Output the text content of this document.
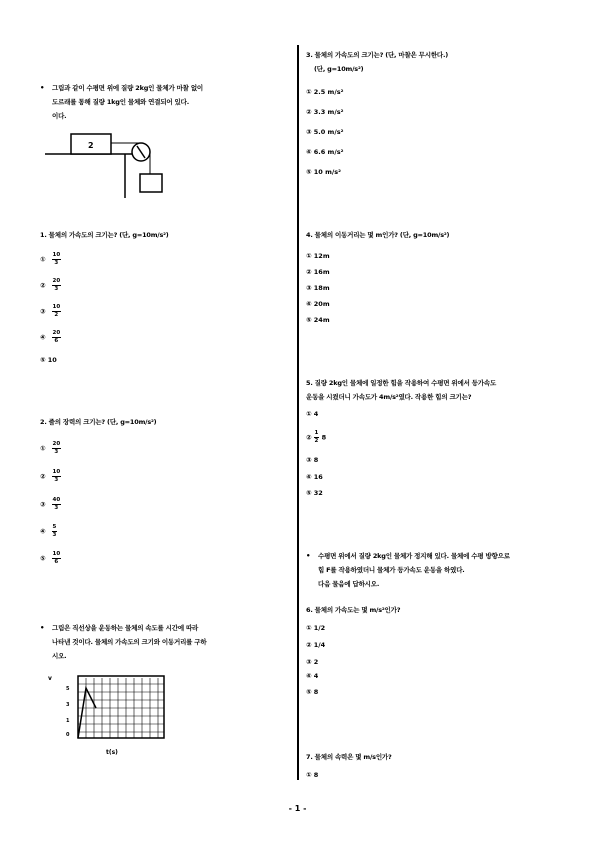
• 그림과 같이 수평면 위에 질량 2kg인 물체가 마찰 없이
도르래를 통해 질량 1kg인 물체와 연결되어 있다.
이다.
2
1. 물체의 가속도의 크기는? (단, g=10m/s²)
① $\frac{10}{3}$
② $\frac{20}{3}$
③ $\frac{10}{2}$
④ $\frac{20}{6}$
⑤ 10
2. 줄의 장력의 크기는? (단, g=10m/s²)
① $\frac{20}{3}$
② $\frac{10}{3}$
③ $\frac{40}{3}$
④ $\frac{5}{3}$
⑤ $\frac{10}{6}$
• 그림은 직선상을 운동하는 물체의 속도를 시간에 따라
나타낸 것이다. 물체의 가속도의 크기와 이동거리를 구하
시오.
v
5
3
1
0
t(s)
3. 물체의 가속도의 크기는? (단, 마찰은 무시한다.)
(단, g=10m/s²)
① 2.5 m/s²
② 3.3 m/s²
③ 5.0 m/s²
④ 6.6 m/s²
⑤ 10 m/s²
4. 물체의 이동거리는 몇 m인가? (단, g=10m/s²)
① 12m
② 16m
③ 18m
④ 20m
⑤ 24m
5. 질량 2kg인 물체에 일정한 힘을 작용하여 수평면 위에서 등가속도
운동을 시켰더니 가속도가 4m/s²였다. 작용한 힘의 크기는?
① 4
② $\frac{1}{2} 8$
③ 8
④ 16
⑤ 32
• 수평면 위에서 질량 2kg인 물체가 정지해 있다. 물체에 수평 방향으로
힘 F를 작용하였더니 물체가 등가속도 운동을 하였다.
다음 물음에 답하시오.
6. 물체의 가속도는 몇 m/s²인가?
① 1/2
② 1/4
③ 2
④ 4
⑤ 8
7. 물체의 속력은 몇 m/s인가?
① 8
- 1 -
